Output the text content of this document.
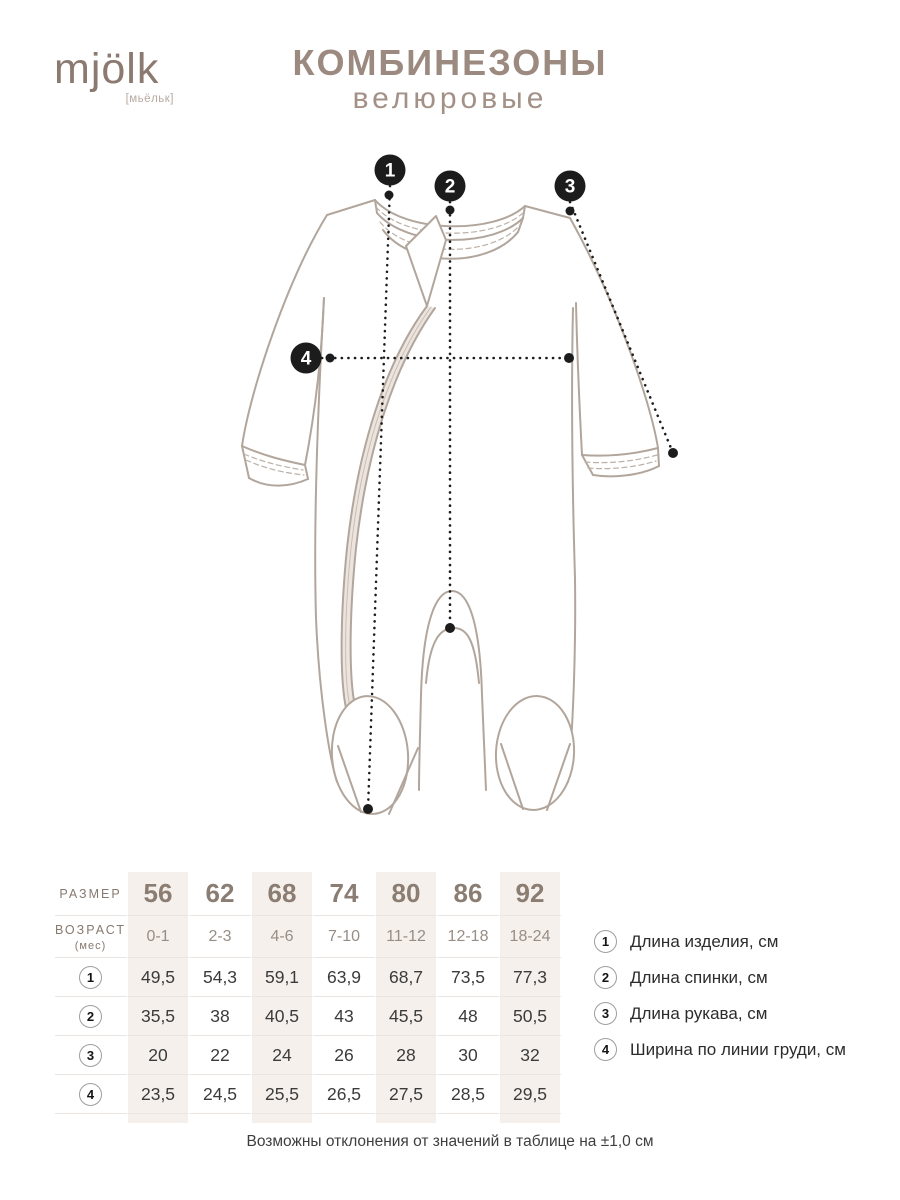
mjölk
[мьёльк]
КОМБИНЕЗОНЫ
велюровые
1
2	3
4
РАЗМЕР	56	62	68	74	80	86	92
ВОЗРАСТ
(мес)	0-1	2-3	4-6	7-10	11-12	12-18	18-24
1	49,5	54,3	59,1	63,9	68,7	73,5	77,3
2	35,5	38	40,5	43	45,5	48	50,5
3	20	22	24	26	28	30	32
4	23,5	24,5	25,5	26,5	27,5	28,5	29,5

1	Длина изделия, см
2	Длина спинки, см
3	Длина рукава, см
4	Ширина по линии груди, см
Возможны отклонения от значений в таблице на ±1,0 см
